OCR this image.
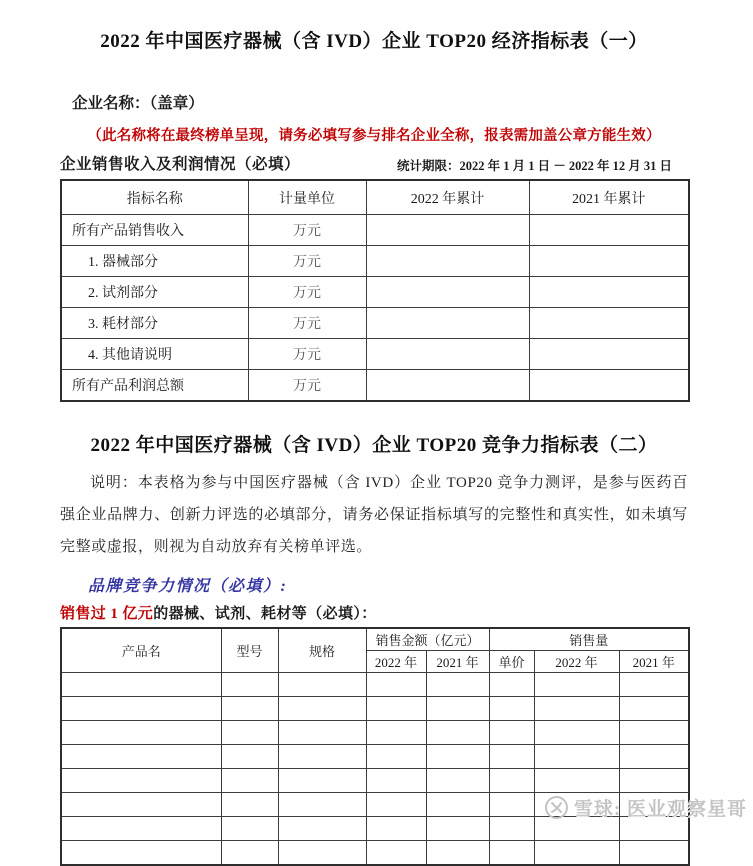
2022 年中国医疗器械（含 IVD）企业 TOP20 经济指标表（一）
企业名称：（盖章）
（此名称将在最终榜单呈现，请务必填写参与排名企业全称，报表需加盖公章方能生效）
企业销售收入及利润情况（必填）	统计期限：2022 年 1 月 1 日 － 2022 年 12 月 31 日
指标名称	计量单位	2022 年累计	2021 年累计
所有产品销售收入	万元		
1. 器械部分	万元		
2. 试剂部分	万元		
3. 耗材部分	万元		
4. 其他请说明	万元		
所有产品利润总额	万元		
2022 年中国医疗器械（含 IVD）企业 TOP20 竞争力指标表（二）
说明：本表格为参与中国医疗器械（含 IVD）企业 TOP20 竞争力测评，是参与医药百强企业品牌力、创新力评选的必填部分，请务必保证指标填写的完整性和真实性，如未填写完整或虚报，则视为自动放弃有关榜单评选。
品牌竞争力情况（必填）:
销售过 1 亿元的器械、试剂、耗材等（必填）：
产品名	型号	规格	销售金额（亿元）		销售量		
			2022 年	2021 年	单价	2022 年	2021 年

雪球: 医业观察星哥
